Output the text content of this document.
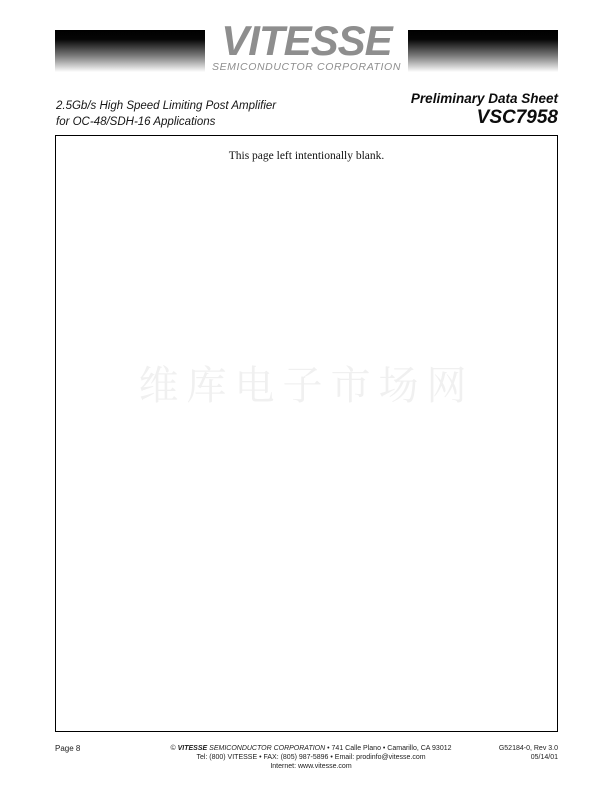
VITESSE
SEMICONDUCTOR CORPORATION
2.5Gb/s High Speed Limiting Post Amplifier
for OC-48/SDH-16 Applications
Preliminary Data Sheet
VSC7958
This page left intentionally blank.
维库电子市场网
Page 8	© VITESSE SEMICONDUCTOR CORPORATION • 741 Calle Plano • Camarillo, CA 93012
Tel: (800) VITESSE • FAX: (805) 987-5896 • Email: prodinfo@vitesse.com
Internet: www.vitesse.com
G52184-0, Rev 3.0
05/14/01
